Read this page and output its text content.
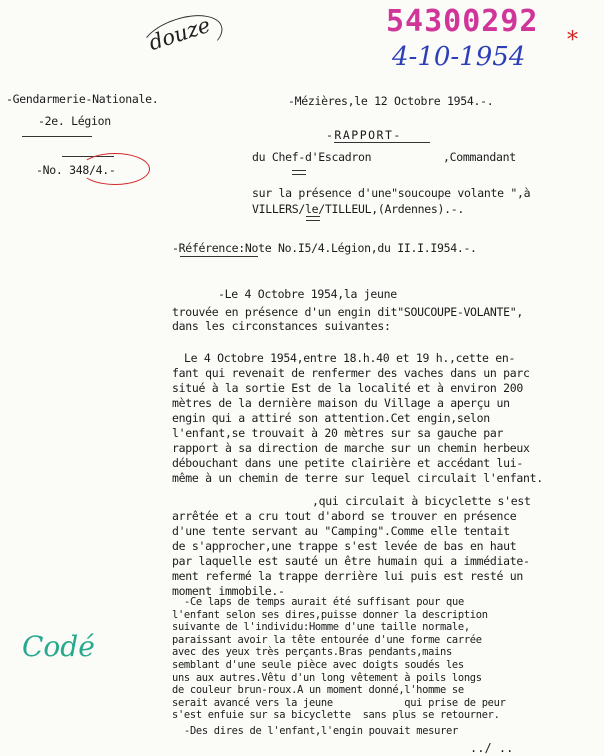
54300292
4-10-1954
*
douze
Codé
-Gendarmerie-Nationale.
-2e. Légion
-No. 348/4.-
-Mézières,le 12 Octobre 1954.-.
-RAPPORT-
du Chef-d'Escadron	,Commandant
sur la présence d'une"soucoupe volante ",à
VILLERS/le/TILLEUL,(Ardennes).-.
-Référence:Note No.I5/4.Légion,du II.I.I954.-.
-Le 4 Octobre 1954,la jeune
trouvée en présence d'un engin dit"SOUCOUPE-VOLANTE",
dans les circonstances suivantes:
Le 4 Octobre 1954,entre 18.h.40 et 19 h.,cette en-
fant qui revenait de renfermer des vaches dans un parc
situé à la sortie Est de la localité et à environ 200
mètres de la dernière maison du Village a aperçu un
engin qui a attiré son attention.Cet engin,selon
l'enfant,se trouvait à 20 mètres sur sa gauche par
rapport à sa direction de marche sur un chemin herbeux
débouchant dans une petite clairière et accédant lui-
même à un chemin de terre sur lequel circulait l'enfant.
,qui circulait à bicyclette s'est
arrêtée et a cru tout d'abord se trouver en présence
d'une tente servant au "Camping".Comme elle tentait
de s'approcher,une trappe s'est levée de bas en haut
par laquelle est sauté un être humain qui a immédiate-
ment refermé la trappe derrière lui puis est resté un
moment immobile.-
-Ce laps de temps aurait été suffisant pour que
l'enfant selon ses dires,puisse donner la description
suivante de l'individu:Homme d'une taille normale,
paraissant avoir la tête entourée d'une forme carrée
avec des yeux très perçants.Bras pendants,mains
semblant d'une seule pièce avec doigts soudés les
uns aux autres.Vêtu d'un long vêtement à poils longs
de couleur brun-roux.A un moment donné,l'homme se
serait avancé vers la jeune            qui prise de peur
s'est enfuie sur sa bicyclette  sans plus se retourner.
-Des dires de l'enfant,l'engin pouvait mesurer
../ ..
